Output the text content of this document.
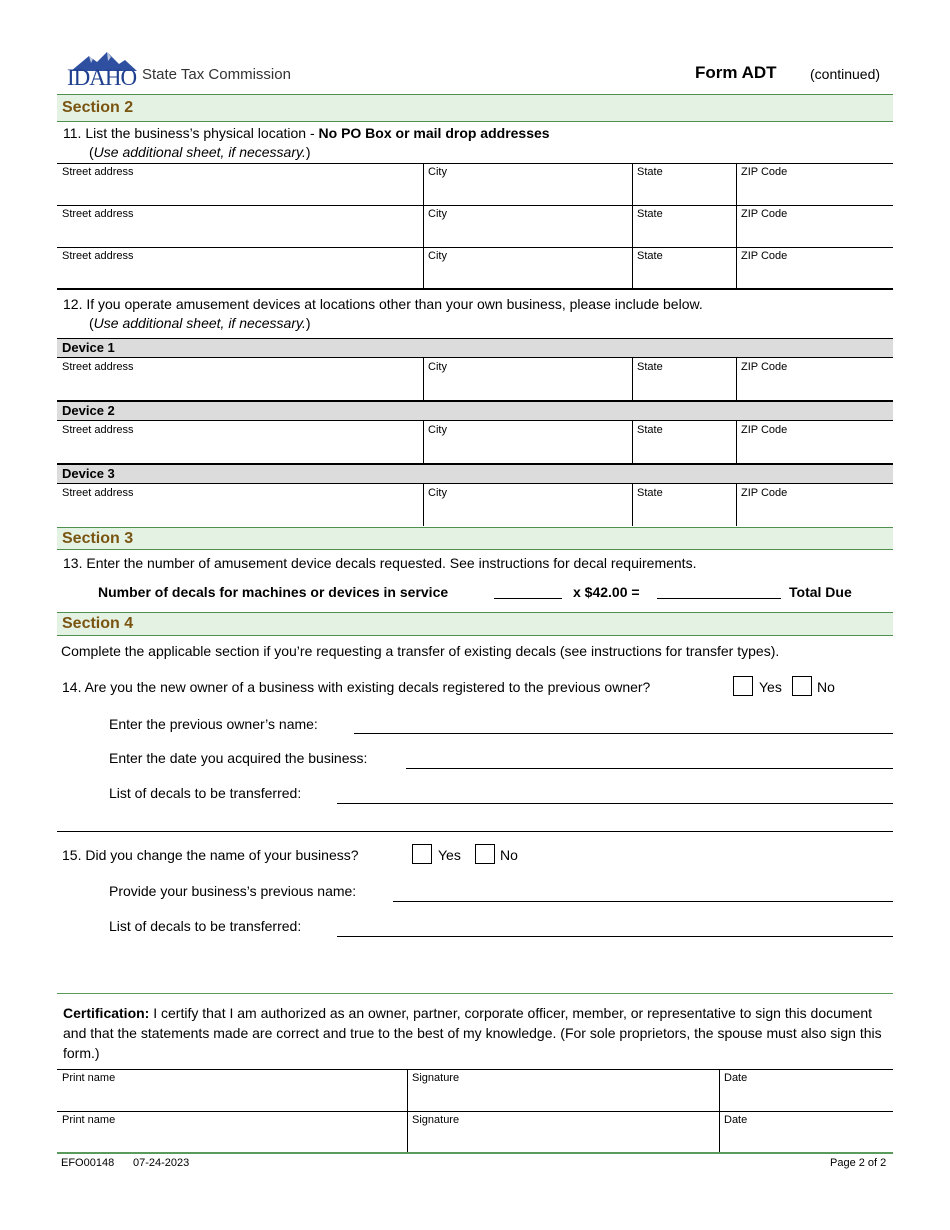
IDAHO State Tax Commission	Form ADT (continued)
Section 2
11. List the business’s physical location - No PO Box or mail drop addresses
(Use additional sheet, if necessary.)
Street address	City	State	ZIP Code
Street address	City	State	ZIP Code
Street address	City	State	ZIP Code
12. If you operate amusement devices at locations other than your own business, please include below.
(Use additional sheet, if necessary.)
Device 1
Street address	City	State	ZIP Code
Device 2
Street address	City	State	ZIP Code
Device 3
Street address	City	State	ZIP Code
Section 3
13. Enter the number of amusement device decals requested. See instructions for decal requirements.
Number of decals for machines or devices in service	x $42.00 =	Total Due
Section 4
Complete the applicable section if you’re requesting a transfer of existing decals (see instructions for transfer types).
14. Are you the new owner of a business with existing decals registered to the previous owner?	Yes	No
Enter the previous owner’s name:
Enter the date you acquired the business:
List of decals to be transferred:
15. Did you change the name of your business?	Yes	No
Provide your business’s previous name:
List of decals to be transferred:
Certification: I certify that I am authorized as an owner, partner, corporate officer, member, or representative to sign this document and that the statements made are correct and true to the best of my knowledge. (For sole proprietors, the spouse must also sign this form.)
Print name	Signature	Date
Print name	Signature	Date
EFO00148 07-24-2023	Page 2 of 2
